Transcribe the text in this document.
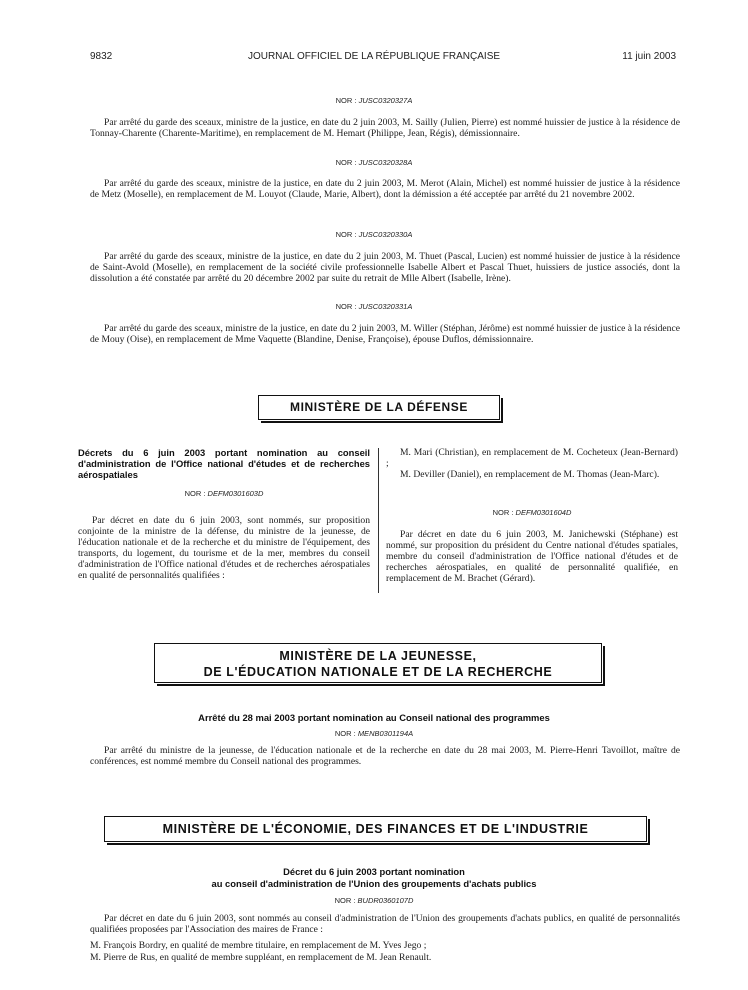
9832	JOURNAL OFFICIEL DE LA RÉPUBLIQUE FRANÇAISE	11 juin 2003
NOR : JUSC0320327A
Par arrêté du garde des sceaux, ministre de la justice, en date du 2 juin 2003, M. Sailly (Julien, Pierre) est nommé huissier de justice à la résidence de Tonnay-Charente (Charente-Maritime), en remplacement de M. Hemart (Philippe, Jean, Régis), démissionnaire.
NOR : JUSC0320328A
Par arrêté du garde des sceaux, ministre de la justice, en date du 2 juin 2003, M. Merot (Alain, Michel) est nommé huissier de justice à la résidence de Metz (Moselle), en remplacement de M. Louyot (Claude, Marie, Albert), dont la démission a été acceptée par arrêté du 21 novembre 2002.
NOR : JUSC0320330A
Par arrêté du garde des sceaux, ministre de la justice, en date du 2 juin 2003, M. Thuet (Pascal, Lucien) est nommé huissier de justice à la résidence de Saint-Avold (Moselle), en remplacement de la société civile professionnelle Isabelle Albert et Pascal Thuet, huissiers de justice associés, dont la dissolution a été constatée par arrêté du 20 décembre 2002 par suite du retrait de Mlle Albert (Isabelle, Irène).
NOR : JUSC0320331A
Par arrêté du garde des sceaux, ministre de la justice, en date du 2 juin 2003, M. Willer (Stéphan, Jérôme) est nommé huissier de justice à la résidence de Mouy (Oise), en remplacement de Mme Vaquette (Blandine, Denise, Françoise), épouse Duflos, démissionnaire.
MINISTÈRE DE LA DÉFENSE
Décrets du 6 juin 2003 portant nomination au conseil d'administration de l'Office national d'études et de recherches aérospatiales
NOR : DEFM0301603D
Par décret en date du 6 juin 2003, sont nommés, sur proposition conjointe de la ministre de la défense, du ministre de la jeunesse, de l'éducation nationale et de la recherche et du ministre de l'équipement, des transports, du logement, du tourisme et de la mer, membres du conseil d'administration de l'Office national d'études et de recherches aérospatiales en qualité de personnalités qualifiées :
M. Mari (Christian), en remplacement de M. Cocheteux (Jean-Bernard) ;
M. Deviller (Daniel), en remplacement de M. Thomas (Jean-Marc).
NOR : DEFM0301604D
Par décret en date du 6 juin 2003, M. Janichewski (Stéphane) est nommé, sur proposition du président du Centre national d'études spatiales, membre du conseil d'administration de l'Office national d'études et de recherches aérospatiales, en qualité de personnalité qualifiée, en remplacement de M. Brachet (Gérard).
MINISTÈRE DE LA JEUNESSE,
DE L'ÉDUCATION NATIONALE ET DE LA RECHERCHE
Arrêté du 28 mai 2003 portant nomination au Conseil national des programmes
NOR : MENB0301194A
Par arrêté du ministre de la jeunesse, de l'éducation nationale et de la recherche en date du 28 mai 2003, M. Pierre-Henri Tavoillot, maître de conférences, est nommé membre du Conseil national des programmes.
MINISTÈRE DE L'ÉCONOMIE, DES FINANCES ET DE L'INDUSTRIE
Décret du 6 juin 2003 portant nomination
au conseil d'administration de l'Union des groupements d'achats publics
NOR : BUDR0360107D
Par décret en date du 6 juin 2003, sont nommés au conseil d'administration de l'Union des groupements d'achats publics, en qualité de personnalités qualifiées proposées par l'Association des maires de France :
M. François Bordry, en qualité de membre titulaire, en remplacement de M. Yves Jego ;
M. Pierre de Rus, en qualité de membre suppléant, en remplacement de M. Jean Renault.
